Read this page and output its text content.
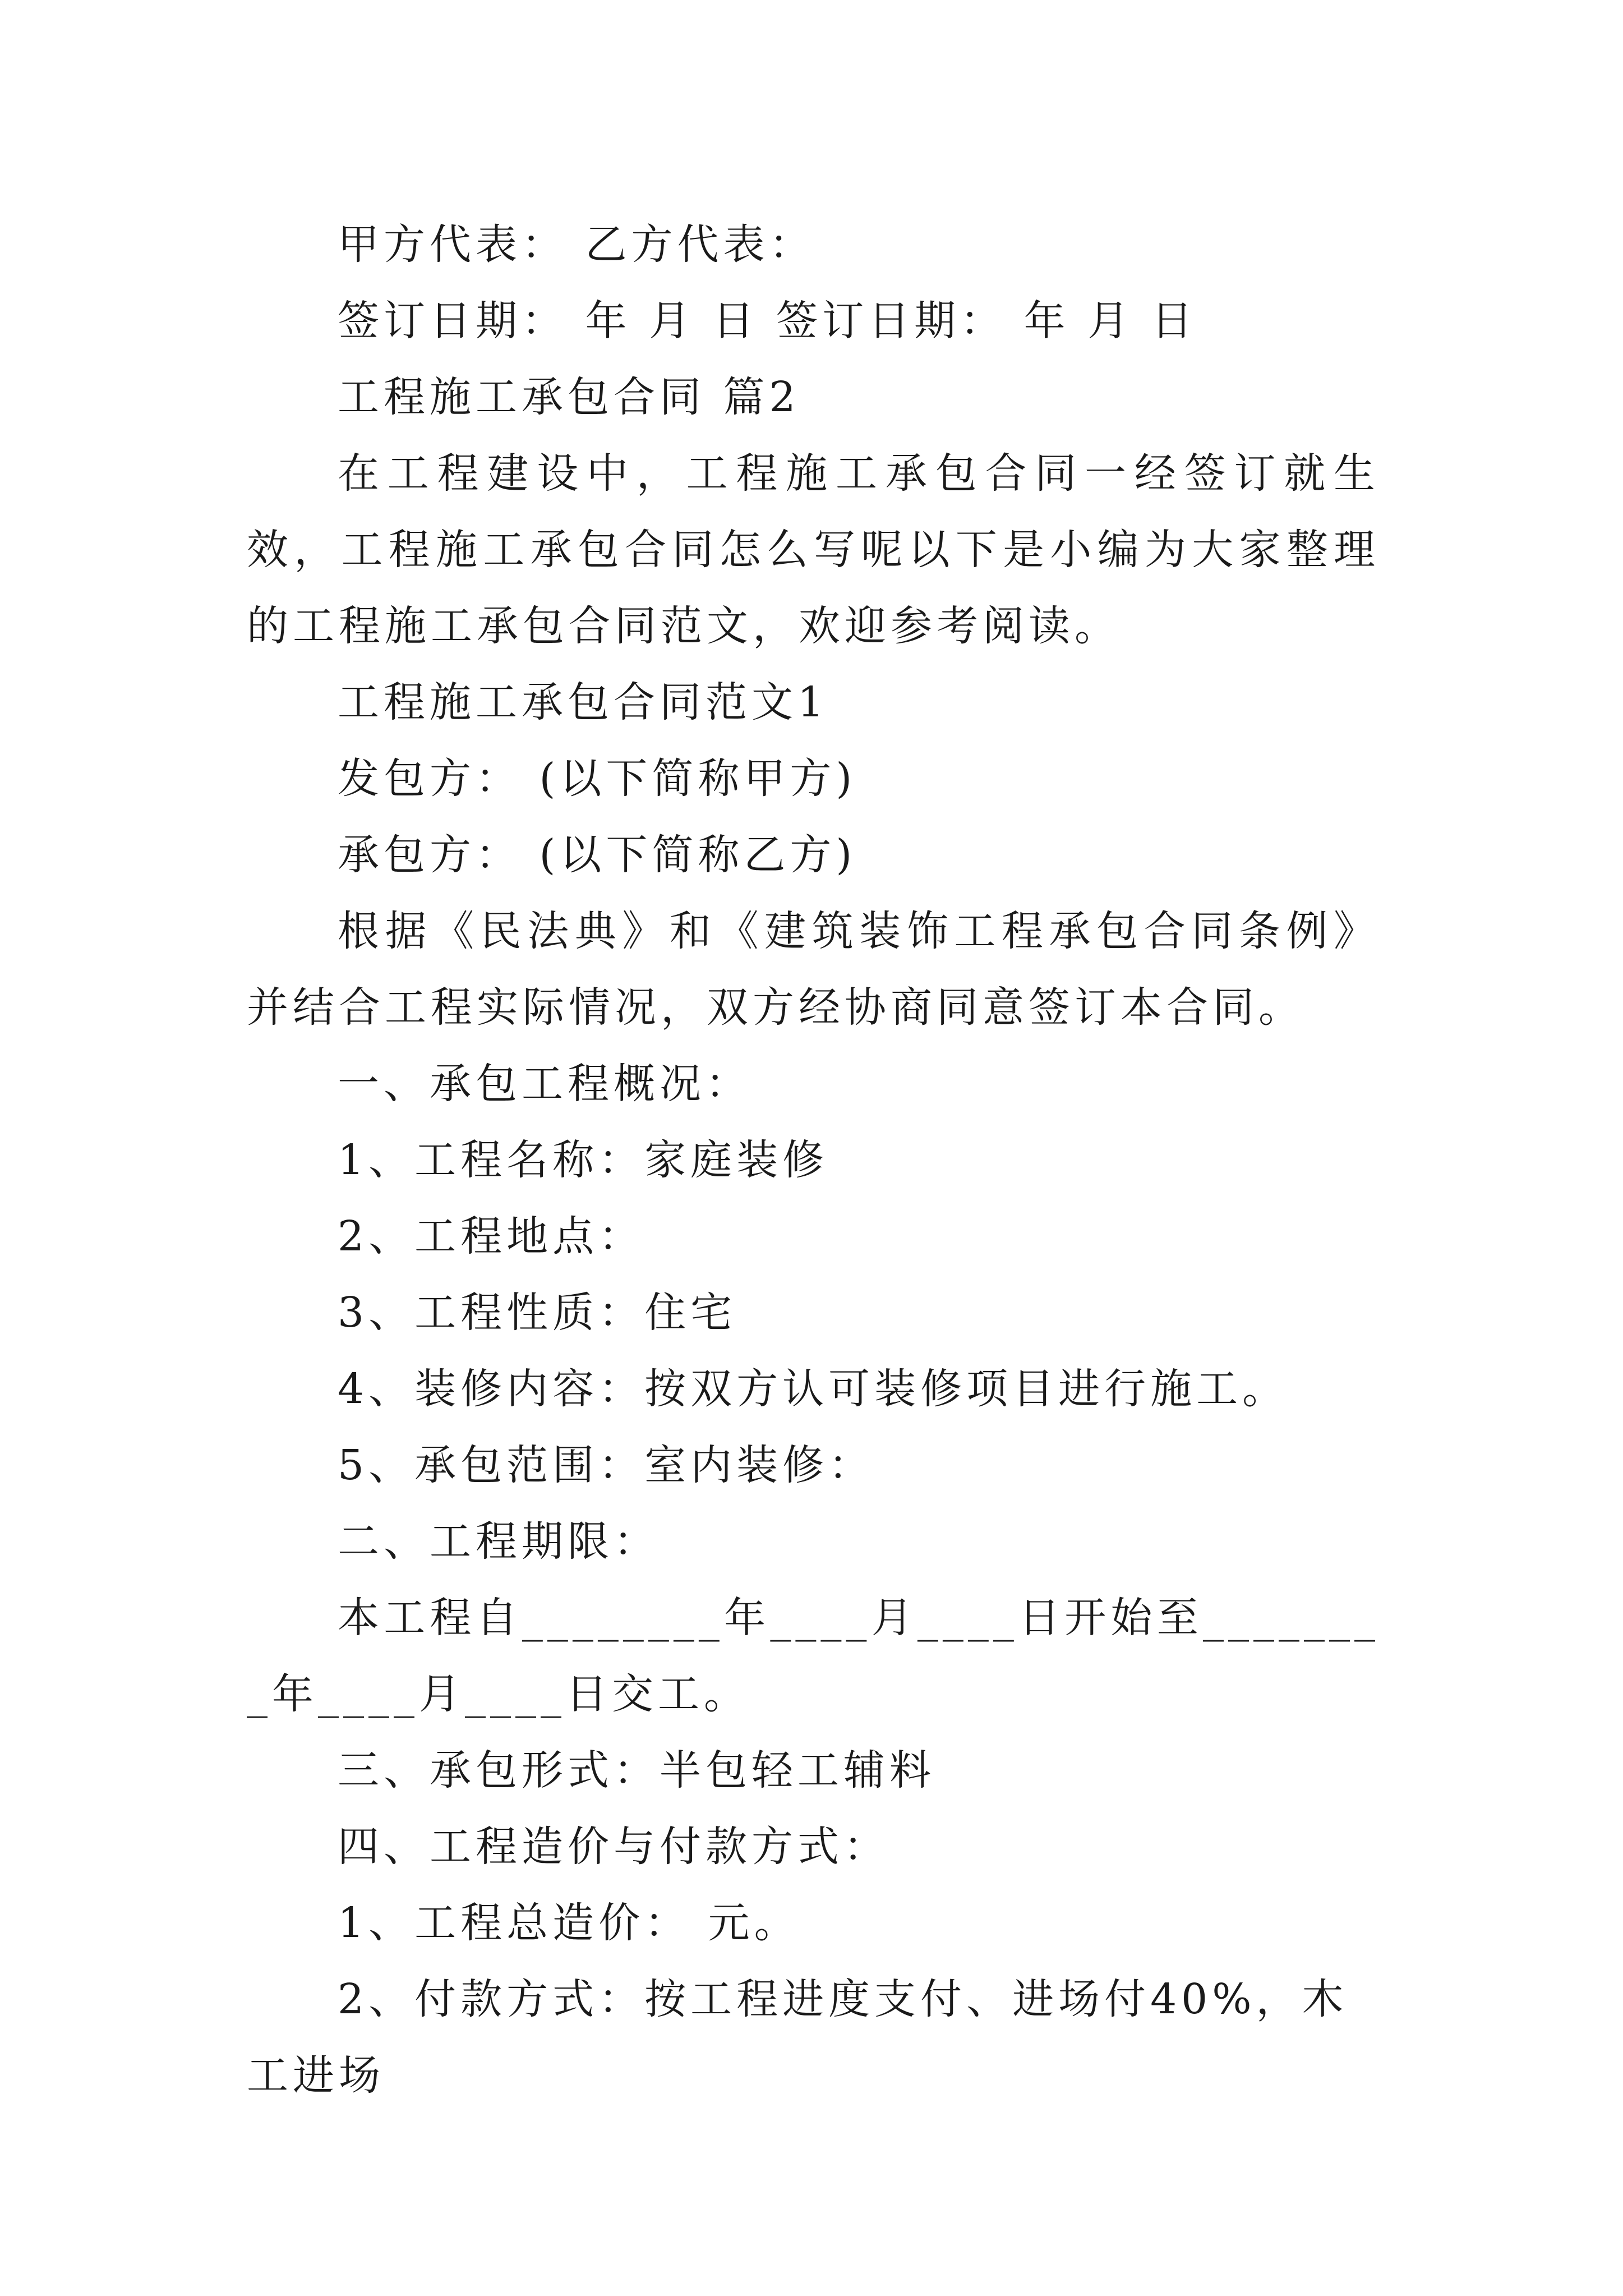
甲方代表： 乙方代表：

签订日期： 年 月 日 签订日期： 年 月 日

工程施工承包合同 篇2

在工程建设中，工程施工承包合同一经签订就生效，工程施工承包合同怎么写呢以下是小编为大家整理的工程施工承包合同范文，欢迎参考阅读。

工程施工承包合同范文1

发包方： (以下简称甲方)

承包方： (以下简称乙方)

根据《民法典》和《建筑装饰工程承包合同条例》 并结合工程实际情况，双方经协商同意签订本合同。

一、承包工程概况：

1、工程名称：家庭装修

2、工程地点：

3、工程性质：住宅

4、装修内容：按双方认可装修项目进行施工。

5、承包范围：室内装修：

二、工程期限：

本工程自________年____月____日开始至________年____月____日交工。

三、承包形式：半包轻工辅料

四、工程造价与付款方式：

1、工程总造价： 元。

2、付款方式：按工程进度支付、进场付40%，木工进场
